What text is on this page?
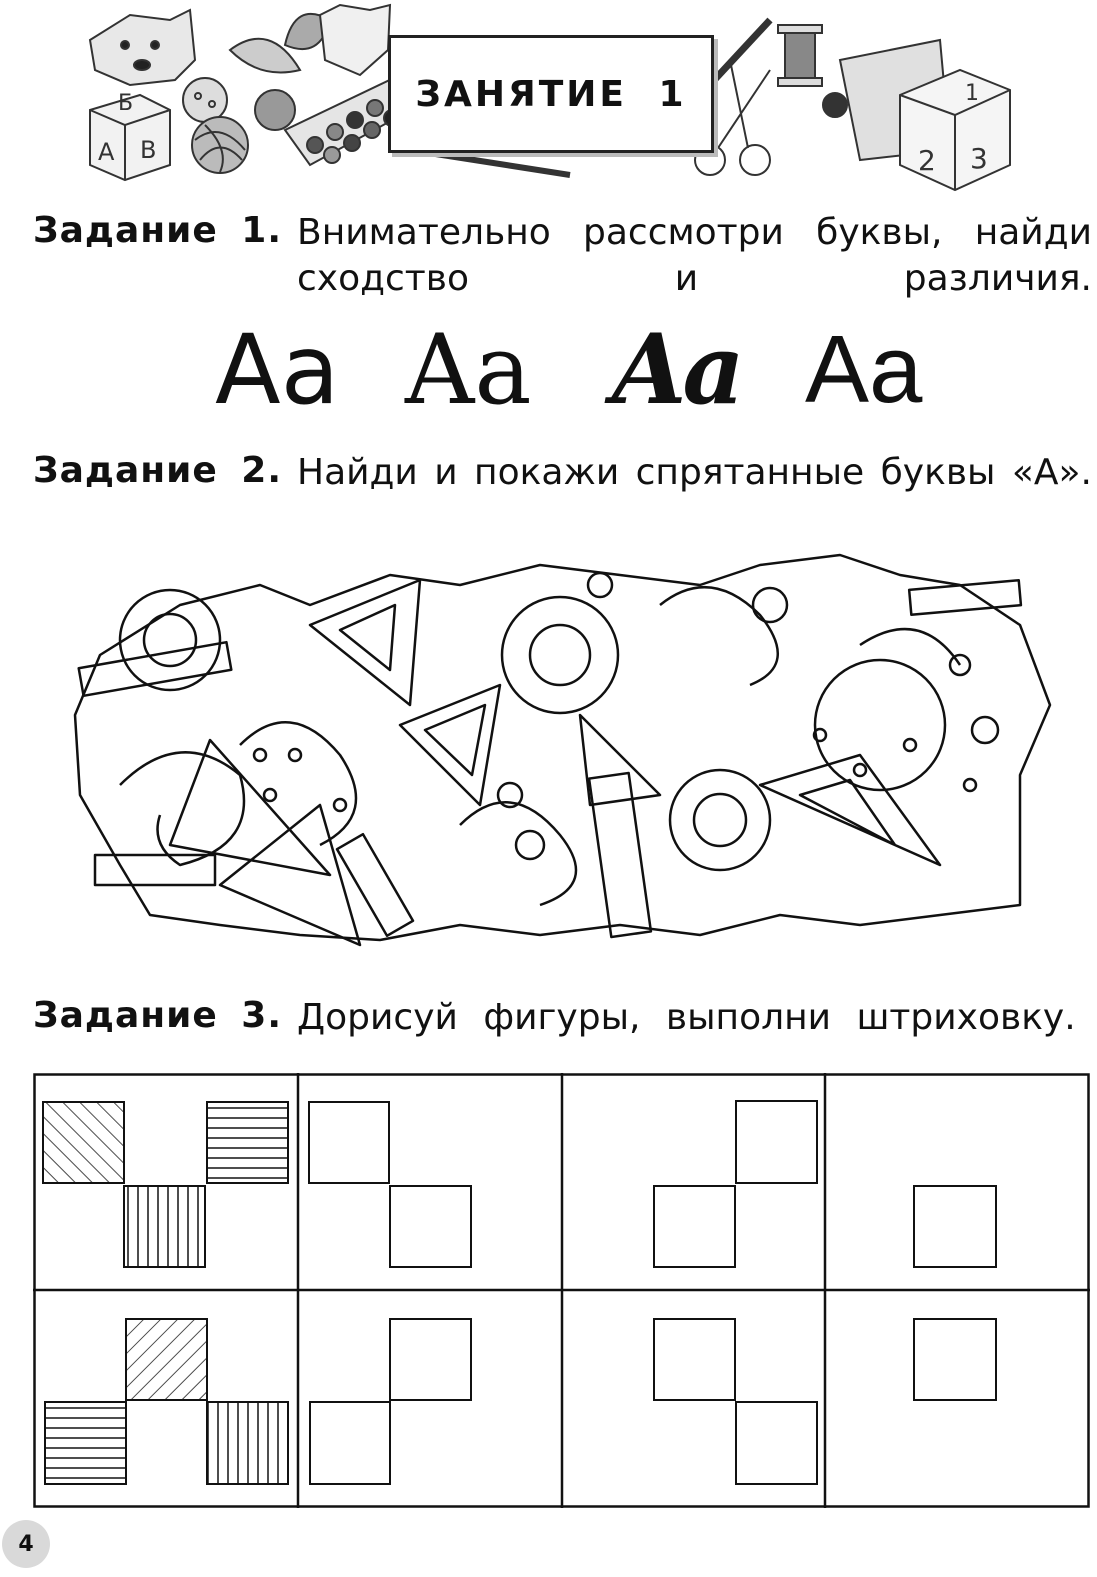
Б
А В
1
2 3
ЗАНЯТИЕ 1
Задание 1. Внимательно рассмотри буквы, найди сходство и различия.
Aa Aa Aa Aa
Задание 2. Найди и покажи спрятанные буквы «А».
Задание 3. Дорисуй фигуры, выполни штриховку.
4
